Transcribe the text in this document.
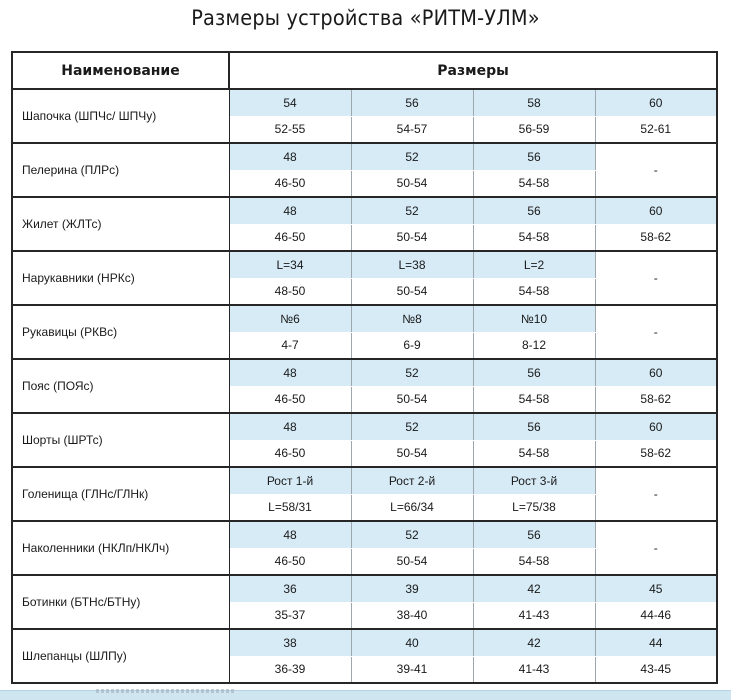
Размеры устройства «РИТМ-УЛМ»
Наименование	Размеры			
Шапочка (ШПЧс/ ШПЧу)	54	56	58	60
	52-55	54-57	56-59	52-61
Пелерина (ПЛРс)	48	52	56	-
	46-50	50-54	54-58	
Жилет (ЖЛТс)	48	52	56	60
	46-50	50-54	54-58	58-62
Нарукавники (НРКс)	L=34	L=38	L=2	-
	48-50	50-54	54-58	
Рукавицы (РКВс)	№6	№8	№10	-
	4-7	6-9	8-12	
Пояс (ПОЯс)	48	52	56	60
	46-50	50-54	54-58	58-62
Шорты (ШРТс)	48	52	56	60
	46-50	50-54	54-58	58-62
Голенища (ГЛНс/ГЛНк)	Рост 1-й	Рост 2-й	Рост 3-й	-
	L=58/31	L=66/34	L=75/38	
Наколенники (НКЛп/НКЛч)	48	52	56	-
	46-50	50-54	54-58	
Ботинки (БТНс/БТНу)	36	39	42	45
	35-37	38-40	41-43	44-46
Шлепанцы (ШЛПу)	38	40	42	44
	36-39	39-41	41-43	43-45
